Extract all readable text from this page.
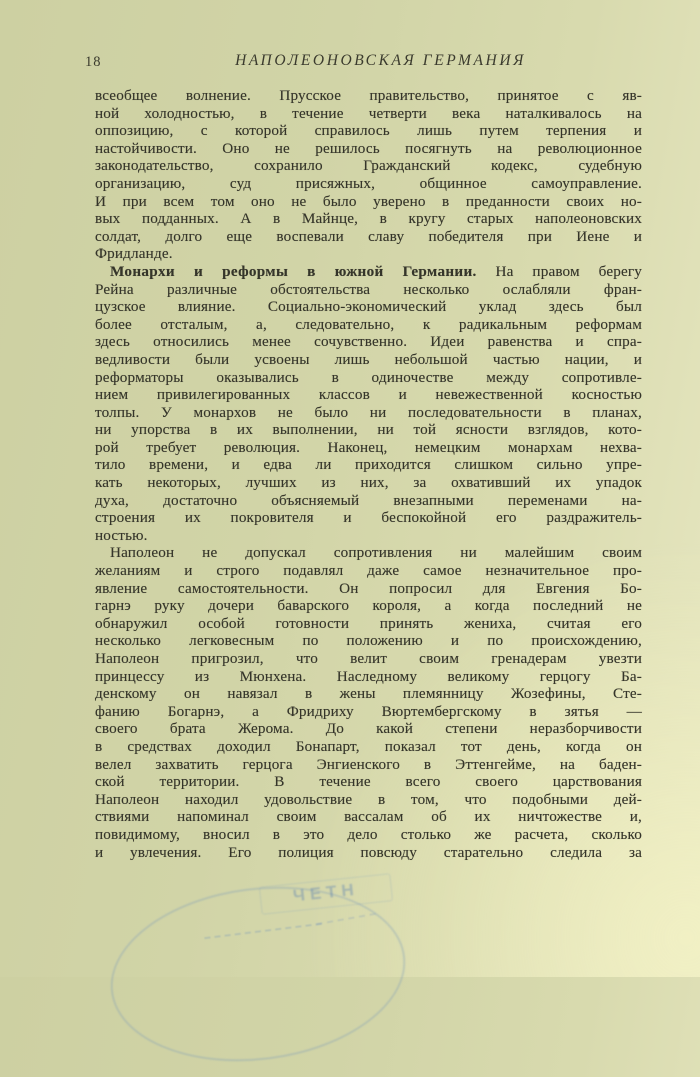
18	НАПОЛЕОНОВСКАЯ ГЕРМАНИЯ
всеобщее волнение. Прусское правительство, принятое с яв-
ной холодностью, в течение четверти века наталкивалось на
оппозицию, с которой справилось лишь путем терпения и
настойчивости. Оно не решилось посягнуть на революционное
законодательство, сохранило Гражданский кодекс, судебную
организацию, суд присяжных, общинное самоуправление.
И при всем том оно не было уверено в преданности своих но-
вых подданных. А в Майнце, в кругу старых наполеоновских
солдат, долго еще воспевали славу победителя при Иене и
Фридланде.
Монархи и реформы в южной Германии. На правом берегу
Рейна различные обстоятельства несколько ослабляли фран-
цузское влияние. Социально-экономический уклад здесь был
более отсталым, а, следовательно, к радикальным реформам
здесь относились менее сочувственно. Идеи равенства и спра-
ведливости были усвоены лишь небольшой частью нации, и
реформаторы оказывались в одиночестве между сопротивле-
нием привилегированных классов и невежественной косностью
толпы. У монархов не было ни последовательности в планах,
ни упорства в их выполнении, ни той ясности взглядов, кото-
рой требует революция. Наконец, немецким монархам нехва-
тило времени, и едва ли приходится слишком сильно упре-
кать некоторых, лучших из них, за охвативший их упадок
духа, достаточно объясняемый внезапными переменами на-
строения их покровителя и беспокойной его раздражитель-
ностью.
Наполеон не допускал сопротивления ни малейшим своим
желаниям и строго подавлял даже самое незначительное про-
явление самостоятельности. Он попросил для Евгения Бо-
гарнэ руку дочери баварского короля, а когда последний не
обнаружил особой готовности принять жениха, считая его
несколько легковесным по положению и по происхождению,
Наполеон пригрозил, что велит своим гренадерам увезти
принцессу из Мюнхена. Наследному великому герцогу Ба-
денскому он навязал в жены племянницу Жозефины, Сте-
фанию Богарнэ, а Фридриху Вюртембергскому в зятья —
своего брата Жерома. До какой степени неразборчивости
в средствах доходил Бонапарт, показал тот день, когда он
велел захватить герцога Энгиенского в Эттенгейме, на баден-
ской территории. В течение всего своего царствования
Наполеон находил удовольствие в том, что подобными дей-
ствиями напоминал своим вассалам об их ничтожестве и,
повидимому, вносил в это дело столько же расчета, сколько
и увлечения. Его полиция повсюду старательно следила за
ЧЕТН
